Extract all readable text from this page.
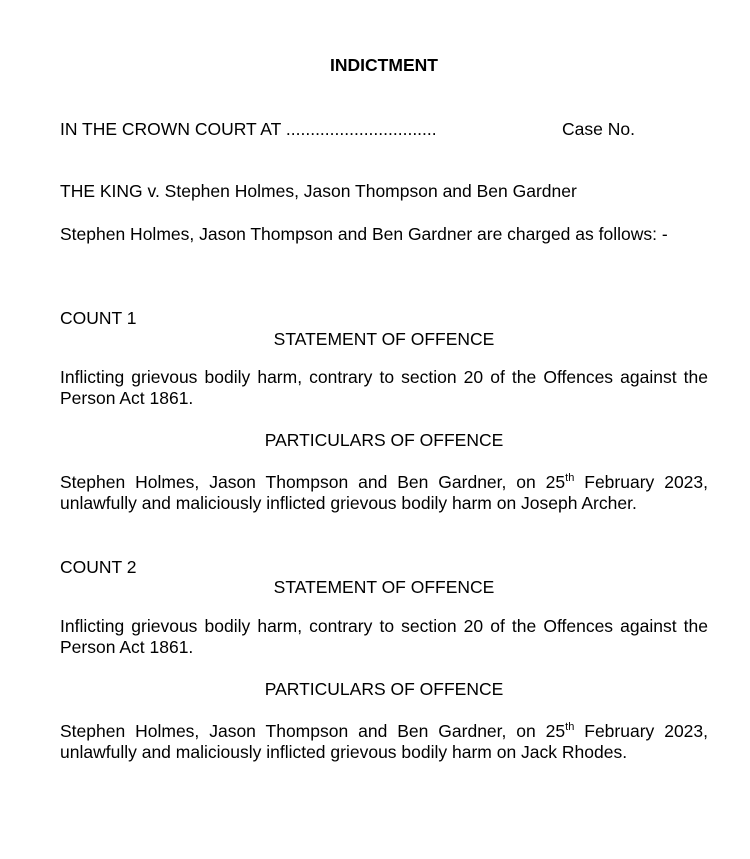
INDICTMENT

IN THE CROWN COURT AT ...............................	Case No.

THE KING v. Stephen Holmes, Jason Thompson and Ben Gardner

Stephen Holmes, Jason Thompson and Ben Gardner are charged as follows: -

COUNT 1

STATEMENT OF OFFENCE

Inflicting grievous bodily harm, contrary to section 20 of the Offences against the
Person Act 1861.

PARTICULARS OF OFFENCE

Stephen Holmes, Jason Thompson and Ben Gardner, on 25th February 2023,
unlawfully and maliciously inflicted grievous bodily harm on Joseph Archer.

COUNT 2

STATEMENT OF OFFENCE

Inflicting grievous bodily harm, contrary to section 20 of the Offences against the
Person Act 1861.

PARTICULARS OF OFFENCE

Stephen Holmes, Jason Thompson and Ben Gardner, on 25th February 2023,
unlawfully and maliciously inflicted grievous bodily harm on Jack Rhodes.
